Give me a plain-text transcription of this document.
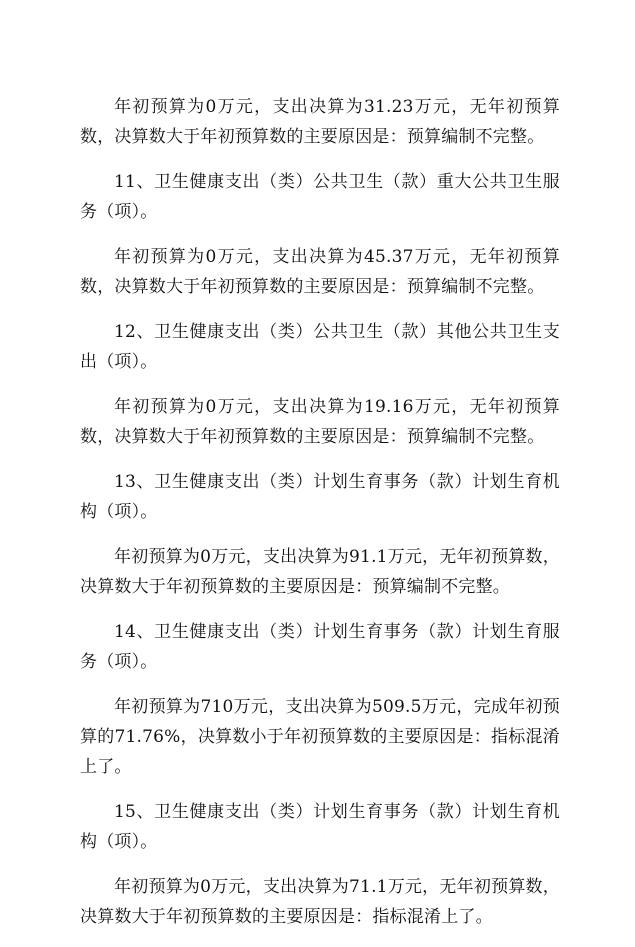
年初预算为0万元，支出决算为31.23万元，无年初预算数，决算数大于年初预算数的主要原因是：预算编制不完整。

11、卫生健康支出（类）公共卫生（款）重大公共卫生服务（项）。

年初预算为0万元，支出决算为45.37万元，无年初预算数，决算数大于年初预算数的主要原因是：预算编制不完整。

12、卫生健康支出（类）公共卫生（款）其他公共卫生支出（项）。

年初预算为0万元，支出决算为19.16万元，无年初预算数，决算数大于年初预算数的主要原因是：预算编制不完整。

13、卫生健康支出（类）计划生育事务（款）计划生育机构（项）。

年初预算为0万元，支出决算为91.1万元，无年初预算数，决算数大于年初预算数的主要原因是：预算编制不完整。

14、卫生健康支出（类）计划生育事务（款）计划生育服务（项）。

年初预算为710万元，支出决算为509.5万元，完成年初预算的71.76%，决算数小于年初预算数的主要原因是：指标混淆上了。

15、卫生健康支出（类）计划生育事务（款）计划生育机构（项）。

年初预算为0万元，支出决算为71.1万元，无年初预算数，决算数大于年初预算数的主要原因是：指标混淆上了。
